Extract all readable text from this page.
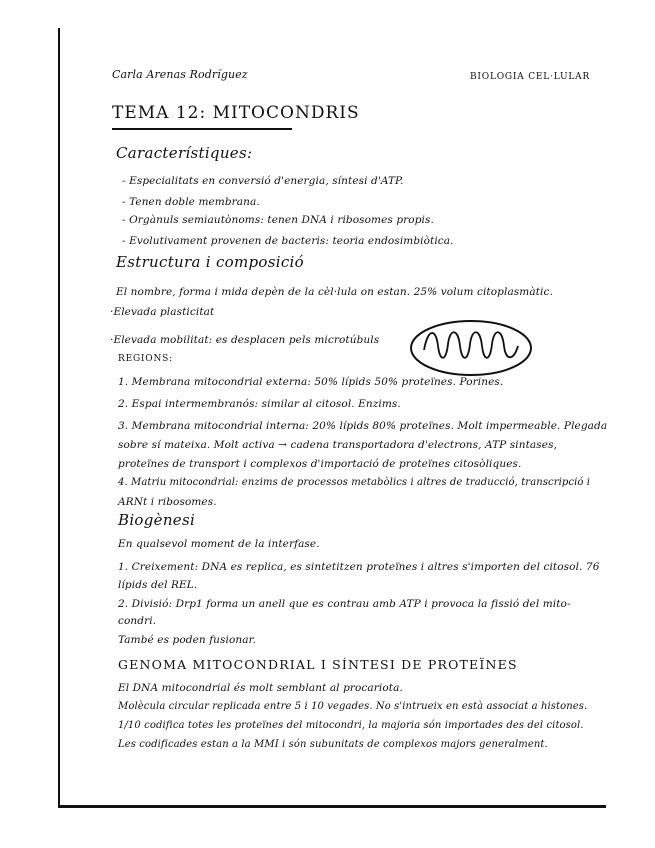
Carla Arenas Rodríguez	BIOLOGIA CEL·LULAR
TEMA 12: MITOCONDRIS
Característiques:
- Especialitats en conversió d'energia, síntesi d'ATP.
- Tenen doble membrana.
- Orgànuls semiautònoms: tenen DNA i ribosomes propis.
- Evolutivament provenen de bacteris: teoria endosimbiòtica.
Estructura i composició
El nombre, forma i mida depèn de la cèl·lula on estan. 25% volum citoplasmàtic.
·Elevada plasticitat
·Elevada mobilitat: es desplacen pels microtúbuls
REGIONS:
1. Membrana mitocondrial externa: 50% lípids 50% proteïnes. Porines.
2. Espai intermembranós: similar al citosol. Enzims.
3. Membrana mitocondrial interna: 20% lípids 80% proteïnes. Molt impermeable. Plegada
sobre sí mateixa. Molt activa → cadena transportadora d'electrons, ATP sintases,
proteïnes de transport i complexos d'importació de proteïnes citosòliques.
4. Matriu mitocondrial: enzims de processos metabòlics i altres de traducció, transcripció i
ARNt i ribosomes.
Biogènesi
En qualsevol moment de la interfase.
1. Creixement: DNA es replica, es sintetitzen proteïnes i altres s'importen del citosol. 76
lípids del REL.
2. Divisió: Drp1 forma un anell que es contrau amb ATP i provoca la fissió del mito-
condri.
També es poden fusionar.
GENOMA MITOCONDRIAL I SÍNTESI DE PROTEÏNES
El DNA mitocondrial és molt semblant al procariota.
Molècula circular replicada entre 5 i 10 vegades. No s'intrueix en està associat a histones.
1/10 codifica totes les proteïnes del mitocondri, la majoria són importades des del citosol.
Les codificades estan a la MMI i són subunitats de complexos majors generalment.
